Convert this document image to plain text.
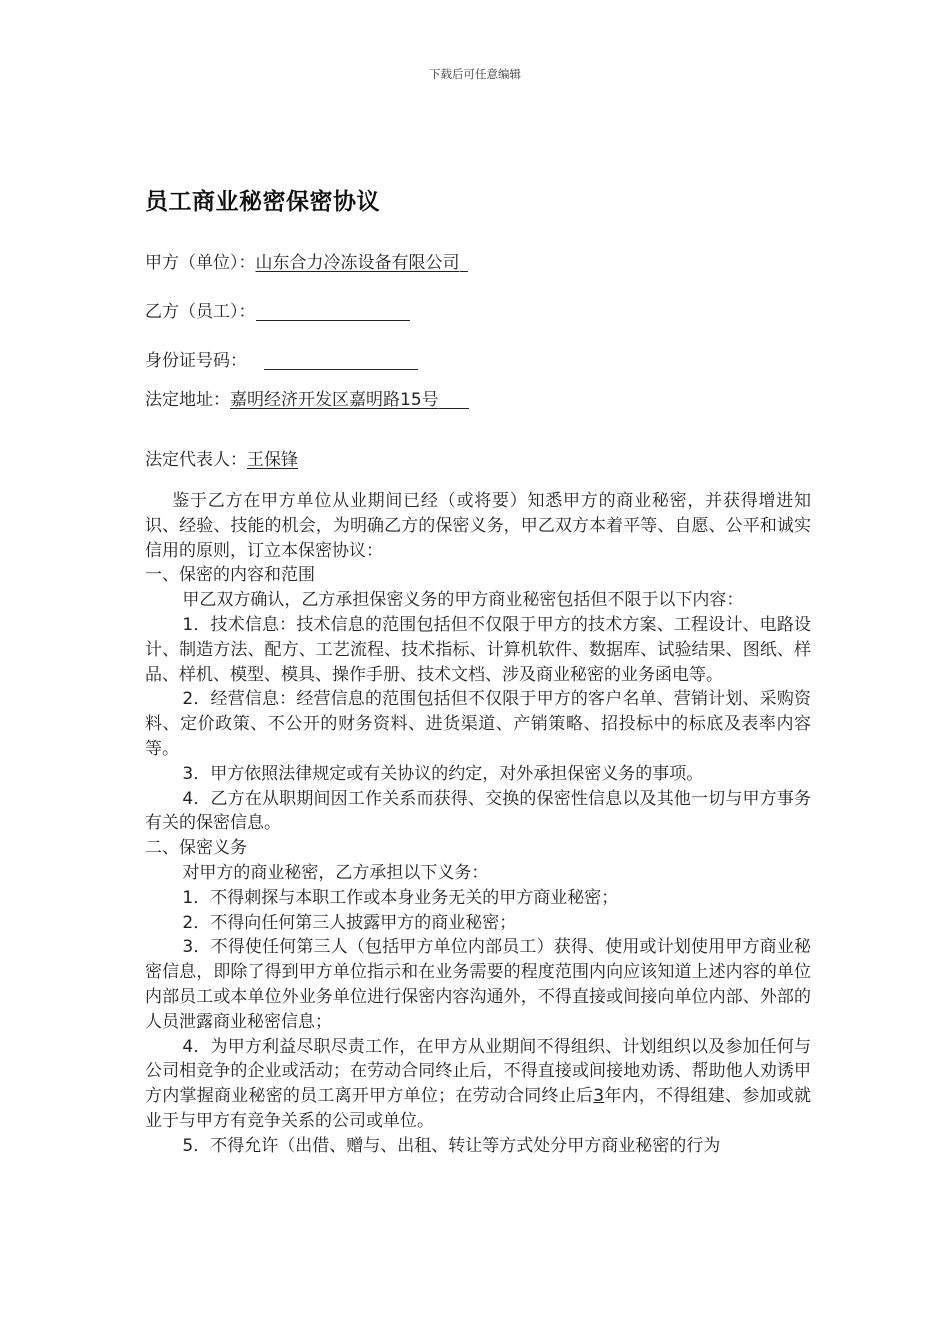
下载后可任意编辑
员工商业秘密保密协议
甲方（单位）：山东合力冷冻设备有限公司
乙方（员工）：
身份证号码：
法定地址：嘉明经济开发区嘉明路15号
法定代表人：王保锋

鉴于乙方在甲方单位从业期间已经（或将要）知悉甲方的商业秘密，并获得增进知识、经验、技能的机会，为明确乙方的保密义务，甲乙双方本着平等、自愿、公平和诚实信用的原则，订立本保密协议：

一、保密的内容和范围

甲乙双方确认，乙方承担保密义务的甲方商业秘密包括但不限于以下内容：

1．技术信息：技术信息的范围包括但不仅限于甲方的技术方案、工程设计、电路设计、制造方法、配方、工艺流程、技术指标、计算机软件、数据库、试验结果、图纸、样品、样机、模型、模具、操作手册、技术文档、涉及商业秘密的业务函电等。

2．经营信息：经营信息的范围包括但不仅限于甲方的客户名单、营销计划、采购资料、定价政策、不公开的财务资料、进货渠道、产销策略、招投标中的标底及表率内容等。

3．甲方依照法律规定或有关协议的约定，对外承担保密义务的事项。

4．乙方在从职期间因工作关系而获得、交换的保密性信息以及其他一切与甲方事务有关的保密信息。

二、保密义务

对甲方的商业秘密，乙方承担以下义务：

1．不得刺探与本职工作或本身业务无关的甲方商业秘密；

2．不得向任何第三人披露甲方的商业秘密；

3．不得使任何第三人（包括甲方单位内部员工）获得、使用或计划使用甲方商业秘密信息，即除了得到甲方单位指示和在业务需要的程度范围内向应该知道上述内容的单位内部员工或本单位外业务单位进行保密内容沟通外，不得直接或间接向单位内部、外部的人员泄露商业秘密信息；

4．为甲方利益尽职尽责工作，在甲方从业期间不得组织、计划组织以及参加任何与公司相竞争的企业或活动；在劳动合同终止后，不得直接或间接地劝诱、帮助他人劝诱甲方内掌握商业秘密的员工离开甲方单位；在劳动合同终止后3年内，不得组建、参加或就业于与甲方有竞争关系的公司或单位。

5．不得允许（出借、赠与、出租、转让等方式处分甲方商业秘密的行为
